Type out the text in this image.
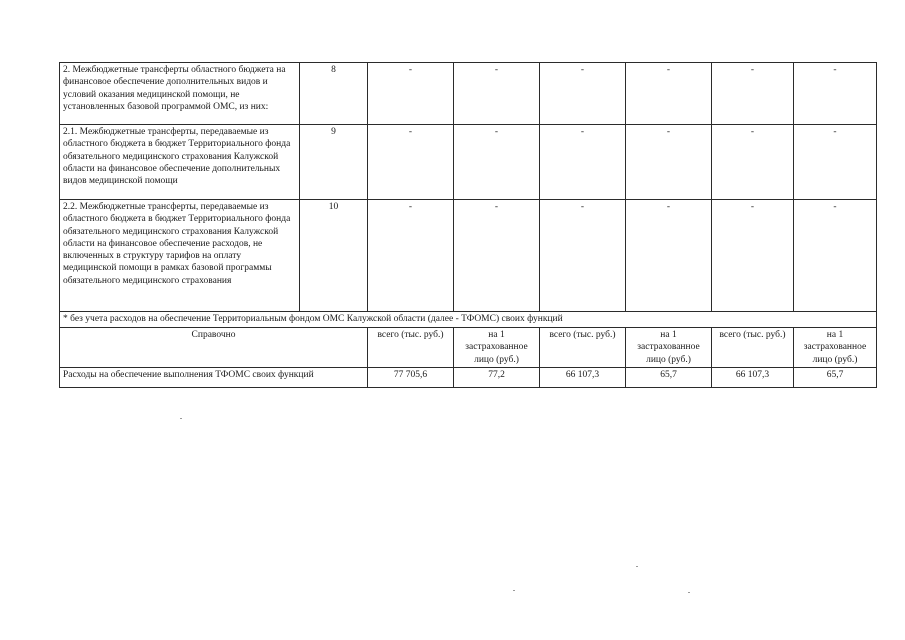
2. Межбюджетные трансферты областного бюджета на финансовое обеспечение дополнительных видов и условий оказания медицинской помощи, не установленных базовой программой ОМС, из них:	8	-	-	-	-	-	-
2.1. Межбюджетные трансферты, передаваемые из областного бюджета в бюджет Территориального фонда обязательного медицинского страхования Калужской области на финансовое обеспечение дополнительных видов медицинской помощи	9	-	-	-	-	-	-
2.2. Межбюджетные трансферты, передаваемые из областного бюджета в бюджет Территориального фонда обязательного медицинского страхования Калужской области на финансовое обеспечение расходов, не включенных в структуру тарифов на оплату медицинской помощи в рамках базовой программы обязательного медицинского страхования	10	-	-	-	-	-	-
* без учета расходов на обеспечение Территориальным фондом ОМС Калужской области (далее - ТФОМС) своих функций							
Справочно		всего (тыс. руб.)	на 1 застрахованное лицо (руб.)	всего (тыс. руб.)	на 1 застрахованное лицо (руб.)	всего (тыс. руб.)	на 1 застрахованное лицо (руб.)
Расходы на обеспечение выполнения ТФОМС своих функций		77 705,6	77,2	66 107,3	65,7	66 107,3	65,7
